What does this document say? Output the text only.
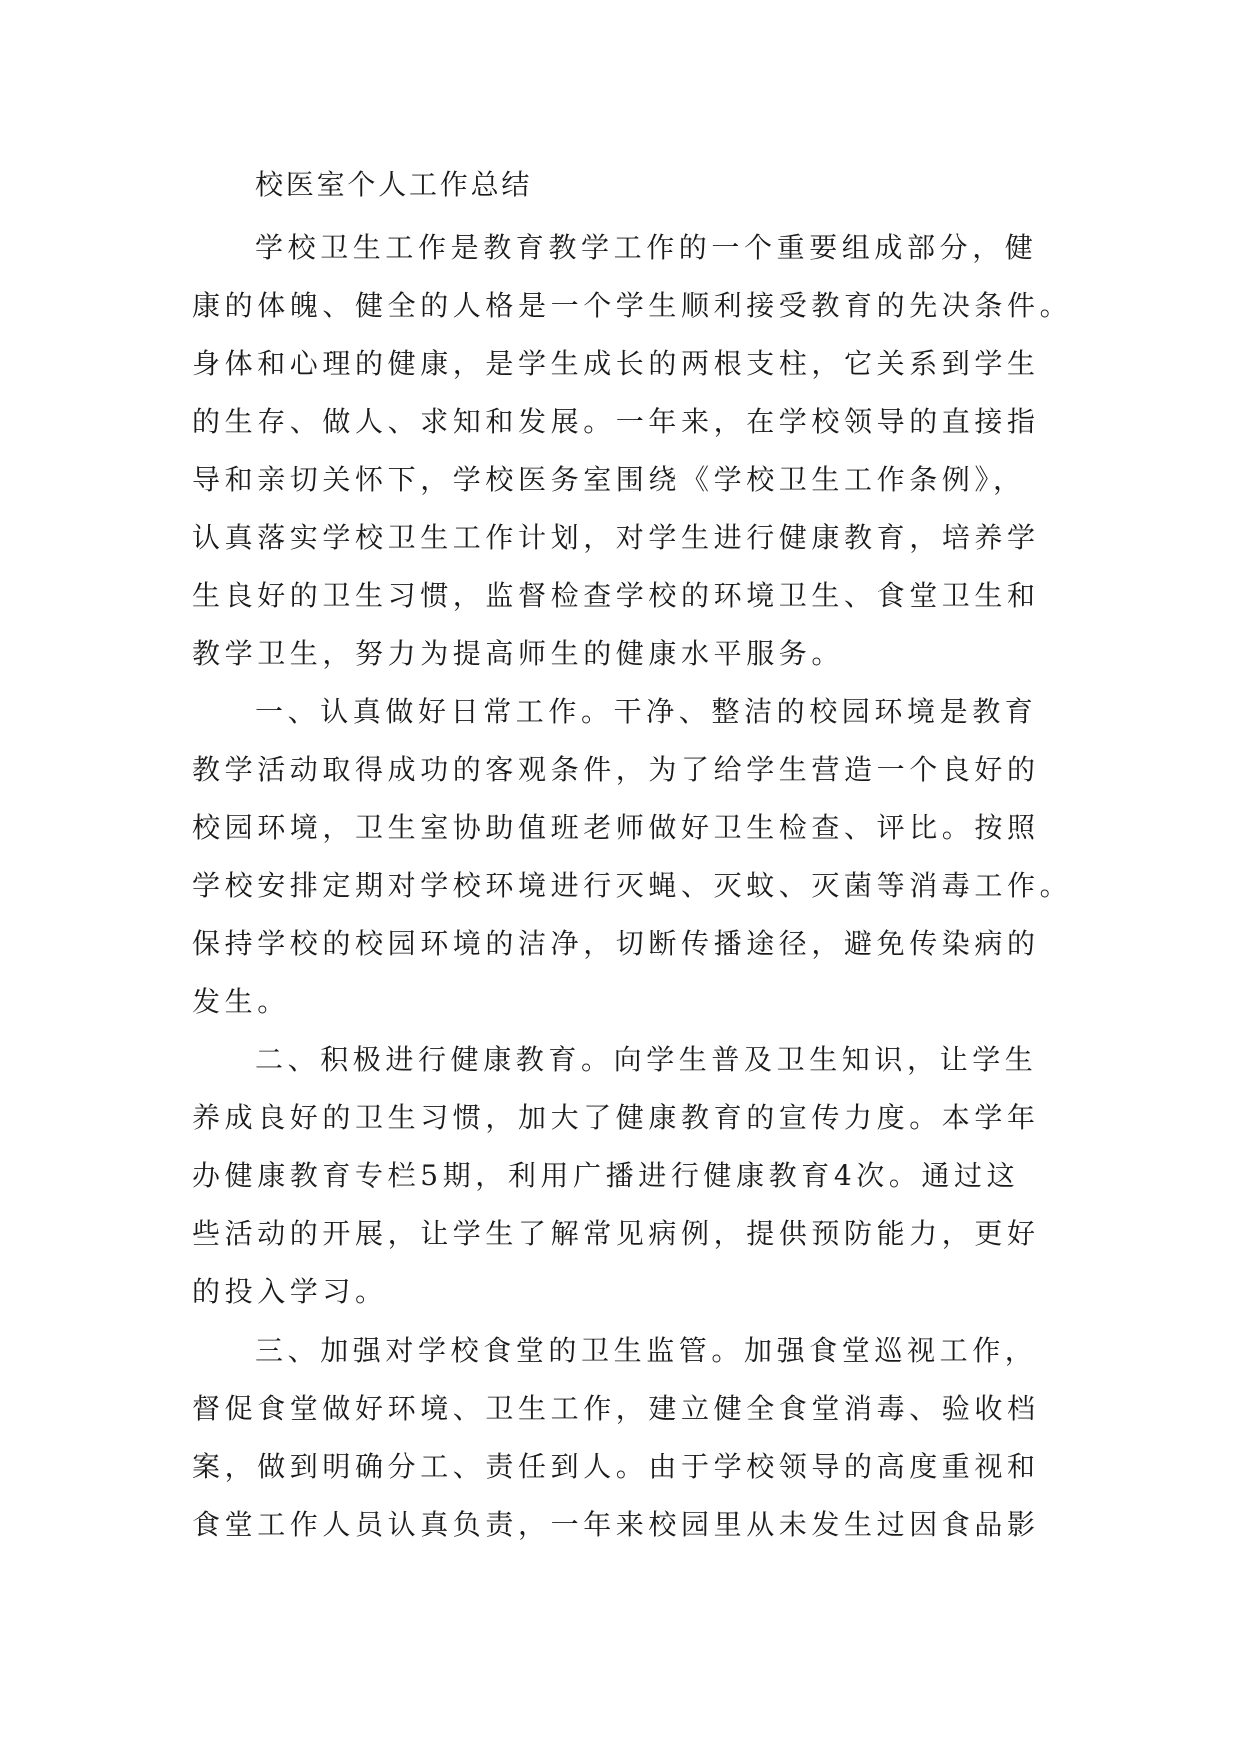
校医室个人工作总结
学校卫生工作是教育教学工作的一个重要组成部分，健
康的体魄、健全的人格是一个学生顺利接受教育的先决条件。
身体和心理的健康，是学生成长的两根支柱，它关系到学生
的生存、做人、求知和发展。一年来，在学校领导的直接指
导和亲切关怀下，学校医务室围绕《学校卫生工作条例》，
认真落实学校卫生工作计划，对学生进行健康教育，培养学
生良好的卫生习惯，监督检查学校的环境卫生、食堂卫生和
教学卫生，努力为提高师生的健康水平服务。
一、认真做好日常工作。干净、整洁的校园环境是教育
教学活动取得成功的客观条件，为了给学生营造一个良好的
校园环境，卫生室协助值班老师做好卫生检查、评比。按照
学校安排定期对学校环境进行灭蝇、灭蚊、灭菌等消毒工作。
保持学校的校园环境的洁净，切断传播途径，避免传染病的
发生。
二、积极进行健康教育。向学生普及卫生知识，让学生
养成良好的卫生习惯，加大了健康教育的宣传力度。本学年
办健康教育专栏5期，利用广播进行健康教育4次。通过这
些活动的开展，让学生了解常见病例，提供预防能力，更好
的投入学习。
三、加强对学校食堂的卫生监管。加强食堂巡视工作，
督促食堂做好环境、卫生工作，建立健全食堂消毒、验收档
案，做到明确分工、责任到人。由于学校领导的高度重视和
食堂工作人员认真负责，一年来校园里从未发生过因食品影
